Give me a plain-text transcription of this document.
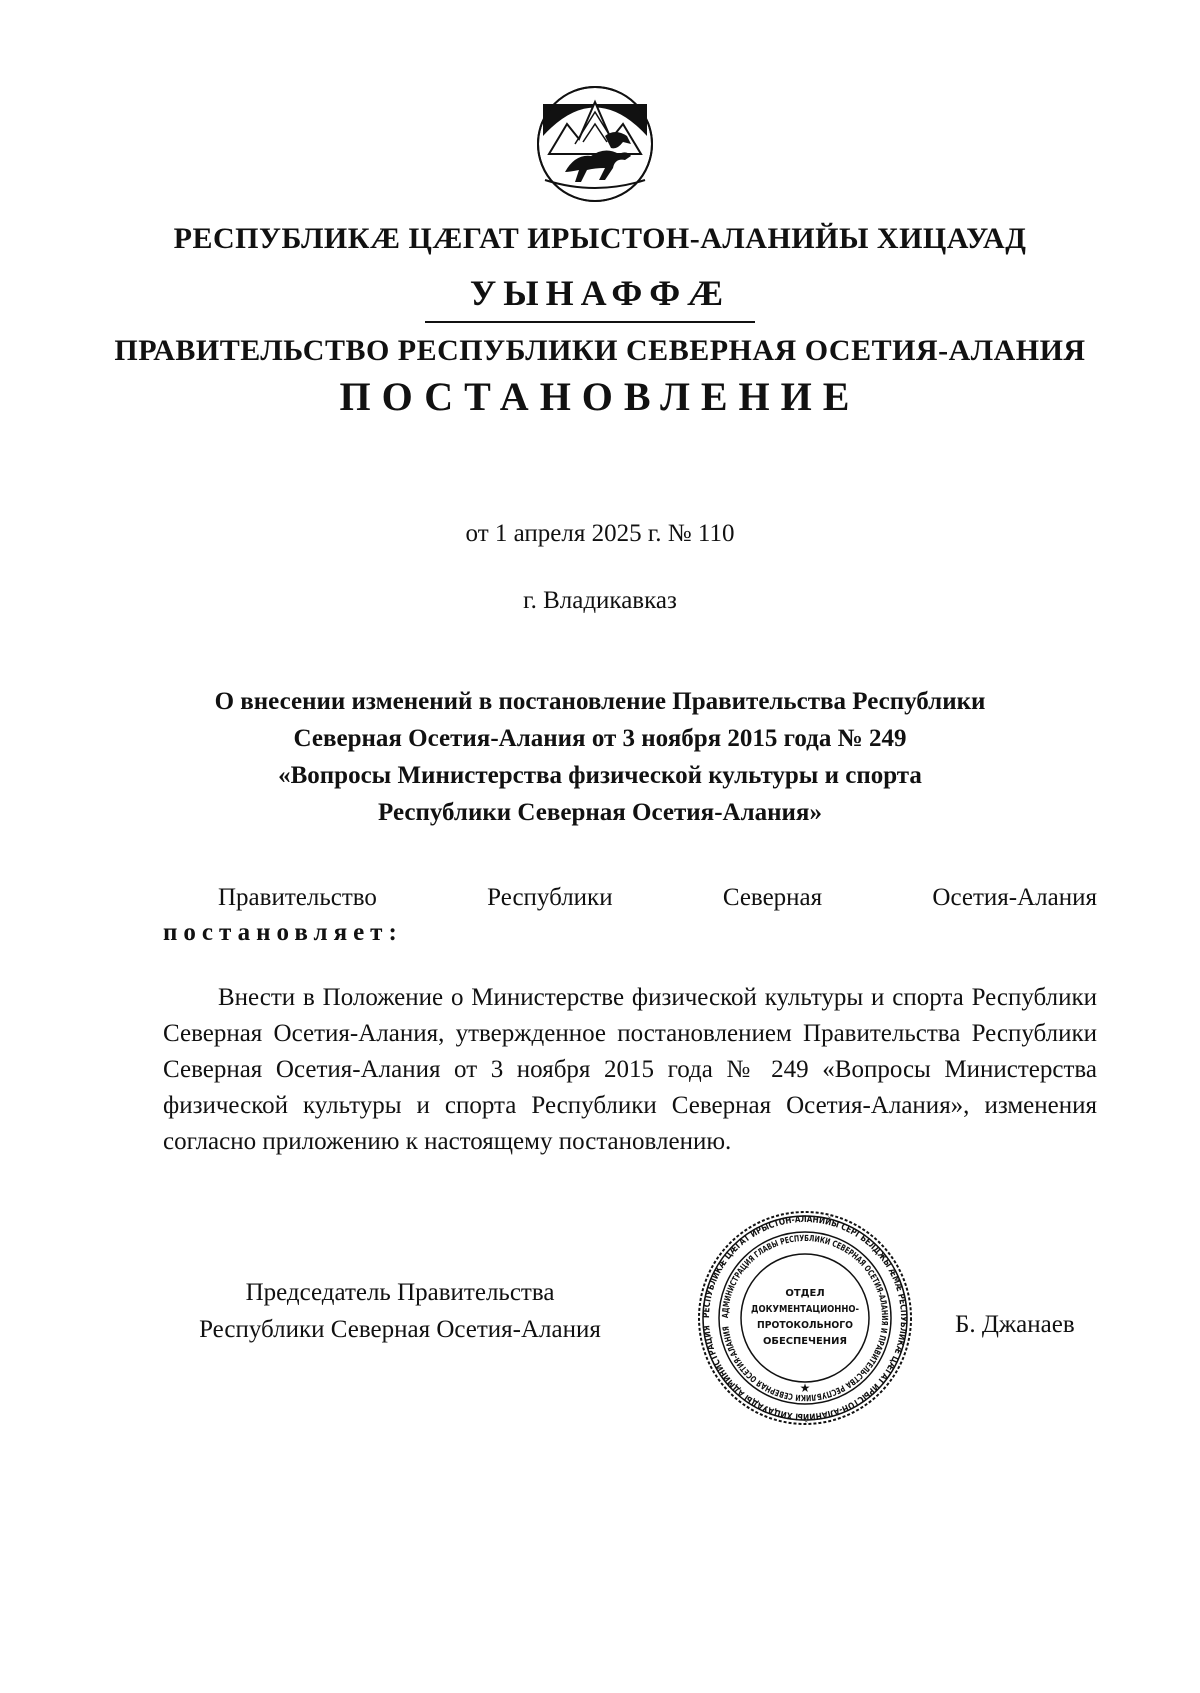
РЕСПУБЛИКÆ ЦÆГАТ ИРЫСТОН-АЛАНИЙЫ ХИЦАУАД
УЫНАФФÆ
ПРАВИТЕЛЬСТВО РЕСПУБЛИКИ СЕВЕРНАЯ ОСЕТИЯ-АЛАНИЯ
ПОСТАНОВЛЕНИЕ
от 1 апреля 2025 г. № 110
г. Владикавказ
О внесении изменений в постановление Правительства Республики
Северная Осетия-Алания от 3 ноября 2015 года № 249
«Вопросы Министерства физической культуры и спорта
Республики Северная Осетия-Алания»
Правительство	Республики	Северная	Осетия-Алания
постановляет:
Внести в Положение о Министерстве физической культуры и спорта Республики Северная Осетия-Алания, утвержденное постановлением Правительства Республики Северная Осетия-Алания от 3 ноября 2015 года № 249 «Вопросы Министерства физической культуры и спорта Республики Северная Осетия-Алания», изменения согласно приложению к настоящему постановлению.
Председатель Правительства
Республики Северная Осетия-Алания
РЕСПУБЛИКÆ ЦÆГАТ ИРЫСТОН-АЛАНИЙЫ СЕРГЪЕЛДЖЫ ÆМÆ РЕСПУБЛИКÆ ЦÆГАТ ИРЫСТОН-АЛАНИЙЫ ХИЦАУАДЫ АДМИНИСТРАЦИЯ
АДМИНИСТРАЦИЯ ГЛАВЫ РЕСПУБЛИКИ СЕВЕРНАЯ ОСЕТИЯ-АЛАНИЯ И ПРАВИТЕЛЬСТВА РЕСПУБЛИКИ СЕВЕРНАЯ ОСЕТИЯ-АЛАНИЯ
ОТДЕЛ
ДОКУМЕНТАЦИОННО-
ПРОТОКОЛЬНОГО
ОБЕСПЕЧЕНИЯ
★
Б. Джанаев
